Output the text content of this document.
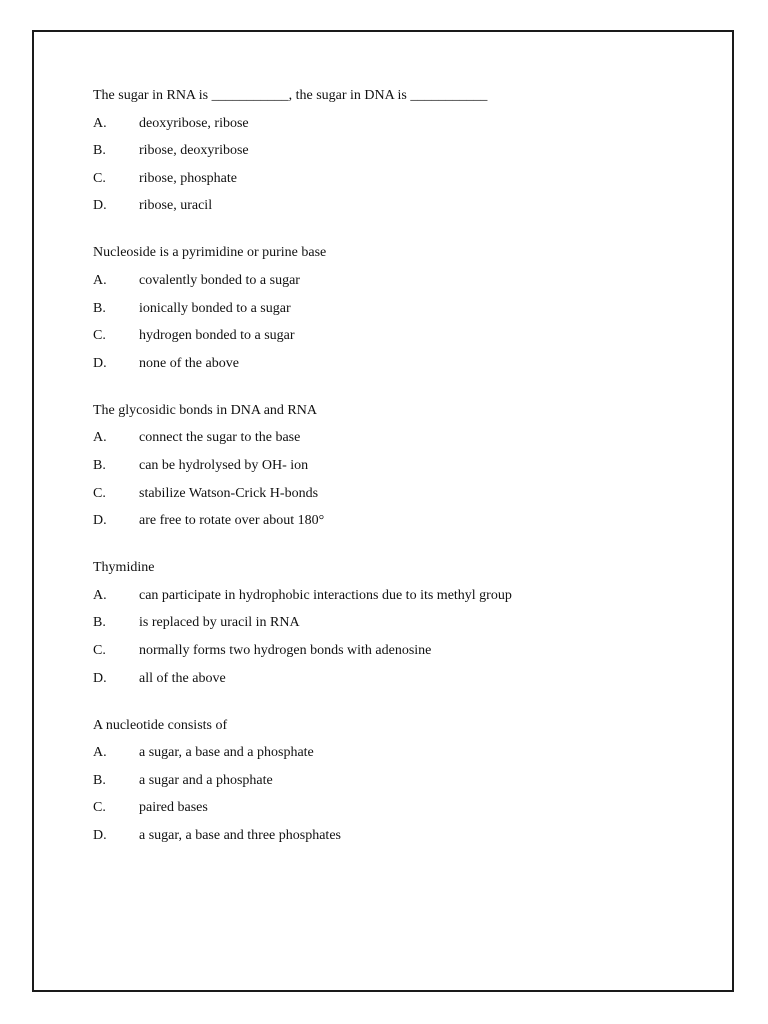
The sugar in RNA is ___________, the sugar in DNA is ___________
A.	deoxyribose, ribose
B.	ribose, deoxyribose
C.	ribose, phosphate
D.	ribose, uracil
Nucleoside is a pyrimidine or purine base
A.	covalently bonded to a sugar
B.	ionically bonded to a sugar
C.	hydrogen bonded to a sugar
D.	none of the above
The glycosidic bonds in DNA and RNA
A.	connect the sugar to the base
B.	can be hydrolysed by OH- ion
C.	stabilize Watson-Crick H-bonds
D.	are free to rotate over about 180°
Thymidine
A.	can participate in hydrophobic interactions due to its methyl group
B.	is replaced by uracil in RNA
C.	normally forms two hydrogen bonds with adenosine
D.	all of the above
A nucleotide consists of
A.	a sugar, a base and a phosphate
B.	a sugar and a phosphate
C.	paired bases
D.	a sugar, a base and three phosphates
